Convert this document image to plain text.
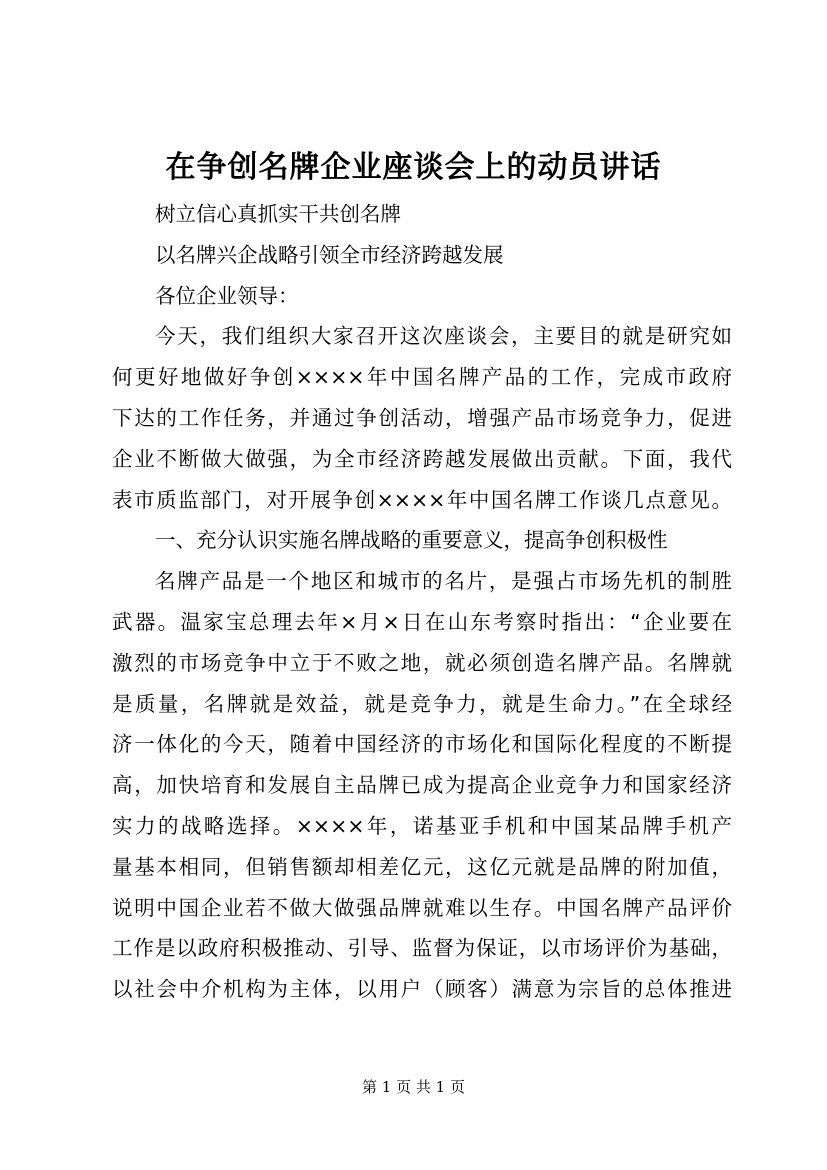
在争创名牌企业座谈会上的动员讲话
树立信心真抓实干共创名牌
以名牌兴企战略引领全市经济跨越发展
各位企业领导：
今天，我们组织大家召开这次座谈会，主要目的就是研究如
何更好地做好争创××××年中国名牌产品的工作，完成市政府
下达的工作任务，并通过争创活动，增强产品市场竞争力，促进
企业不断做大做强，为全市经济跨越发展做出贡献。下面，我代
表市质监部门，对开展争创××××年中国名牌工作谈几点意见。
一、充分认识实施名牌战略的重要意义，提高争创积极性
名牌产品是一个地区和城市的名片，是强占市场先机的制胜
武器。温家宝总理去年×月×日在山东考察时指出：“企业要在
激烈的市场竞争中立于不败之地，就必须创造名牌产品。名牌就
是质量，名牌就是效益，就是竞争力，就是生命力。”在全球经
济一体化的今天，随着中国经济的市场化和国际化程度的不断提
高，加快培育和发展自主品牌已成为提高企业竞争力和国家经济
实力的战略选择。××××年，诺基亚手机和中国某品牌手机产
量基本相同，但销售额却相差亿元，这亿元就是品牌的附加值，
说明中国企业若不做大做强品牌就难以生存。中国名牌产品评价
工作是以政府积极推动、引导、监督为保证，以市场评价为基础，
以社会中介机构为主体，以用户（顾客）满意为宗旨的总体推进
第 1 页 共 1 页
